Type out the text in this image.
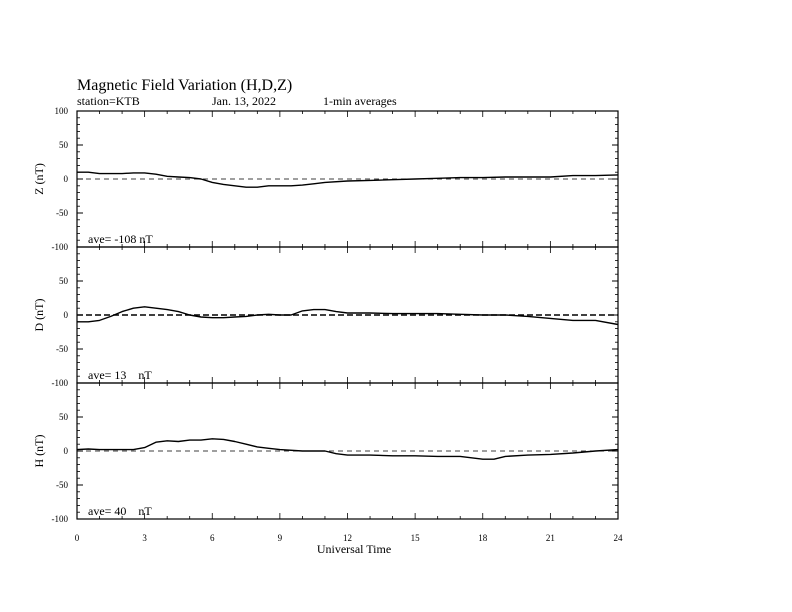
Magnetic Field Variation (H,D,Z)
station=KTB	Jan. 13, 2022	1-min averages
100
50
0
-50
-100
Z (nT)
ave= -108 nT
50
0
-50
-100
D (nT)
ave= 13    nT
50
0
-50
-100
H (nT)
ave= 40    nT
0	3	6	9	12	15	18	21	24
Universal Time
